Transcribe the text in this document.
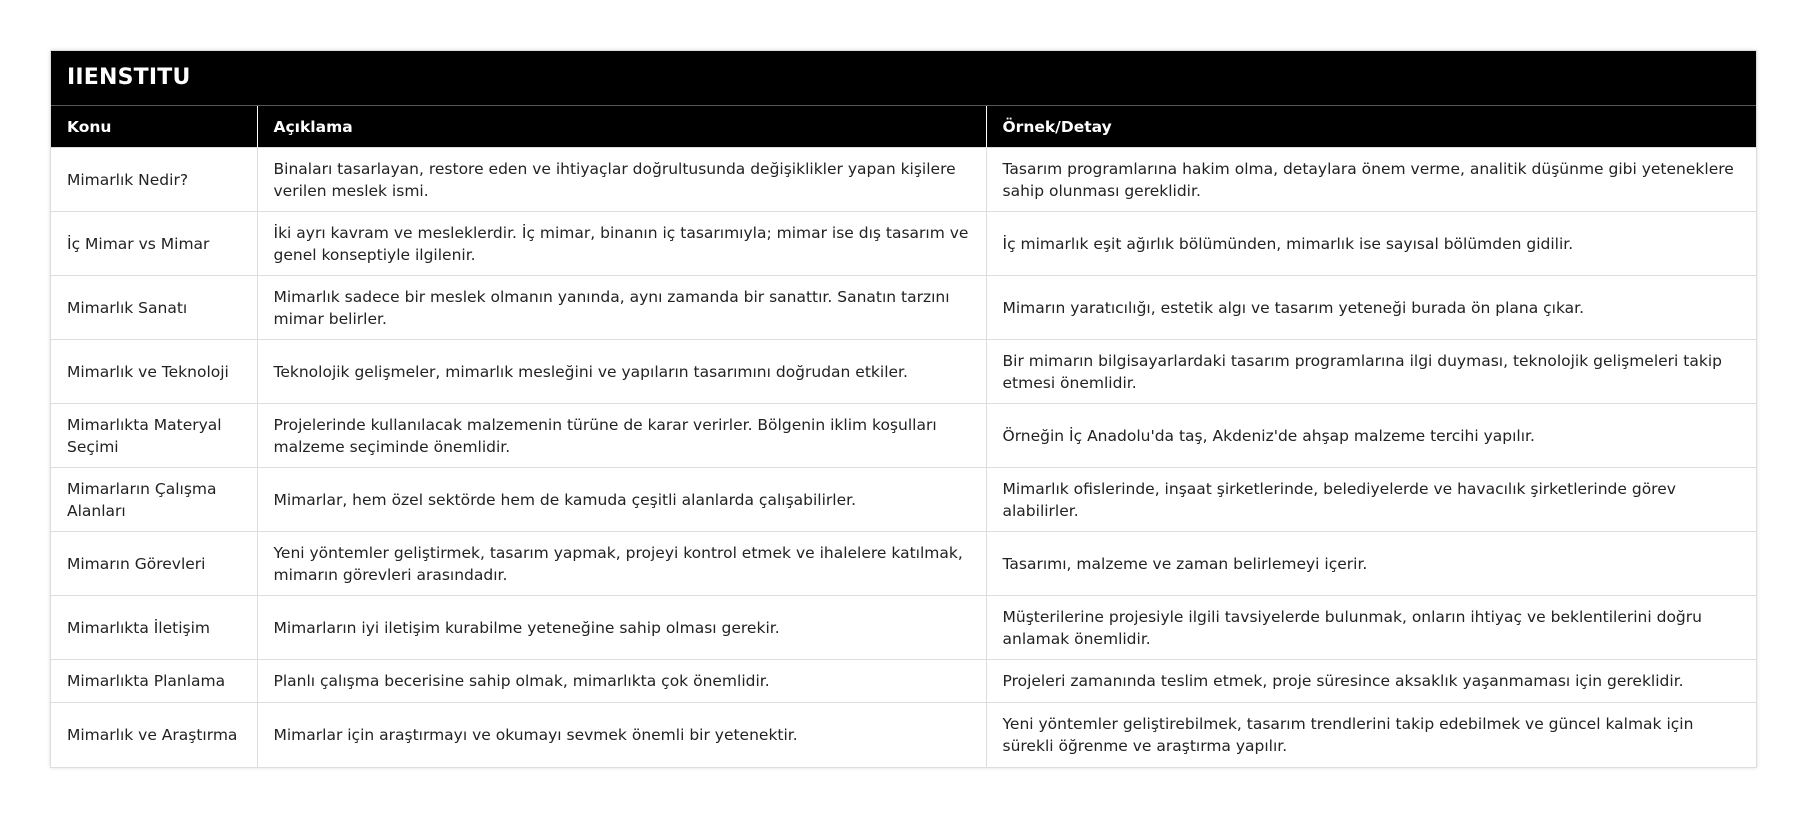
IIENSTITU
Konu	Açıklama	Örnek/Detay
Mimarlık Nedir?	Binaları tasarlayan, restore eden ve ihtiyaçlar doğrultusunda değişiklikler yapan kişilere verilen meslek ismi.	Tasarım programlarına hakim olma, detaylara önem verme, analitik düşünme gibi yeteneklere sahip olunması gereklidir.
İç Mimar vs Mimar	İki ayrı kavram ve mesleklerdir. İç mimar, binanın iç tasarımıyla; mimar ise dış tasarım ve genel konseptiyle ilgilenir.	İç mimarlık eşit ağırlık bölümünden, mimarlık ise sayısal bölümden gidilir.
Mimarlık Sanatı	Mimarlık sadece bir meslek olmanın yanında, aynı zamanda bir sanattır. Sanatın tarzını mimar belirler.	Mimarın yaratıcılığı, estetik algı ve tasarım yeteneği burada ön plana çıkar.
Mimarlık ve Teknoloji	Teknolojik gelişmeler, mimarlık mesleğini ve yapıların tasarımını doğrudan etkiler.	Bir mimarın bilgisayarlardaki tasarım programlarına ilgi duyması, teknolojik gelişmeleri takip etmesi önemlidir.
Mimarlıkta Materyal Seçimi	Projelerinde kullanılacak malzemenin türüne de karar verirler. Bölgenin iklim koşulları malzeme seçiminde önemlidir.	Örneğin İç Anadolu'da taş, Akdeniz'de ahşap malzeme tercihi yapılır.
Mimarların Çalışma Alanları	Mimarlar, hem özel sektörde hem de kamuda çeşitli alanlarda çalışabilirler.	Mimarlık ofislerinde, inşaat şirketlerinde, belediyelerde ve havacılık şirketlerinde görev alabilirler.
Mimarın Görevleri	Yeni yöntemler geliştirmek, tasarım yapmak, projeyi kontrol etmek ve ihalelere katılmak, mimarın görevleri arasındadır.	Tasarımı, malzeme ve zaman belirlemeyi içerir.
Mimarlıkta İletişim	Mimarların iyi iletişim kurabilme yeteneğine sahip olması gerekir.	Müşterilerine projesiyle ilgili tavsiyelerde bulunmak, onların ihtiyaç ve beklentilerini doğru anlamak önemlidir.
Mimarlıkta Planlama	Planlı çalışma becerisine sahip olmak, mimarlıkta çok önemlidir.	Projeleri zamanında teslim etmek, proje süresince aksaklık yaşanmaması için gereklidir.
Mimarlık ve Araştırma	Mimarlar için araştırmayı ve okumayı sevmek önemli bir yetenektir.	Yeni yöntemler geliştirebilmek, tasarım trendlerini takip edebilmek ve güncel kalmak için sürekli öğrenme ve araştırma yapılır.
